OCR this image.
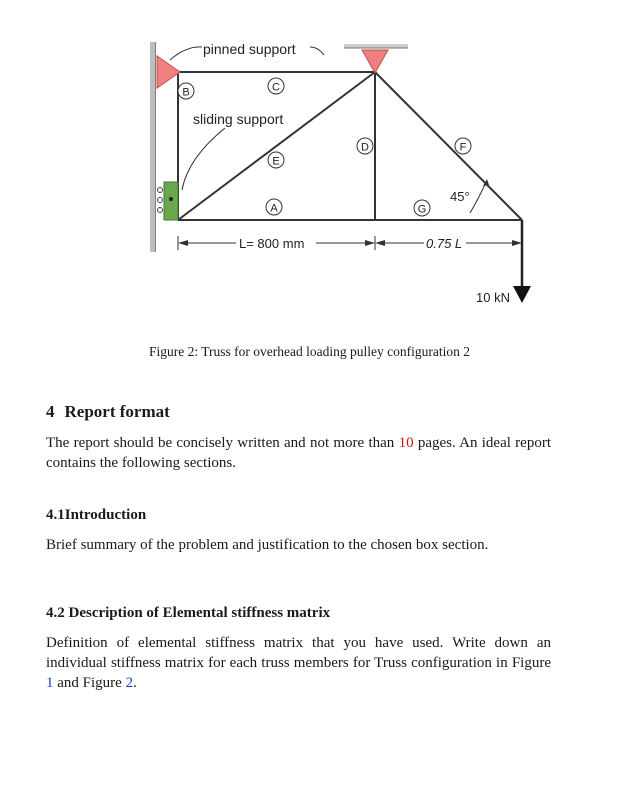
pinned support
sliding support
B	C
D
E
F
A	G
45°
L= 800 mm	0.75 L
10 kN
Figure 2: Truss for overhead loading pulley configuration 2
4 Report format
The report should be concisely written and not more than 10 pages. An ideal report contains the following sections.
4.1Introduction
Brief summary of the problem and justification to the chosen box section.
4.2 Description of Elemental stiffness matrix
Definition of elemental stiffness matrix that you have used. Write down an individual stiffness matrix for each truss members for Truss configuration in Figure 1 and Figure 2.
